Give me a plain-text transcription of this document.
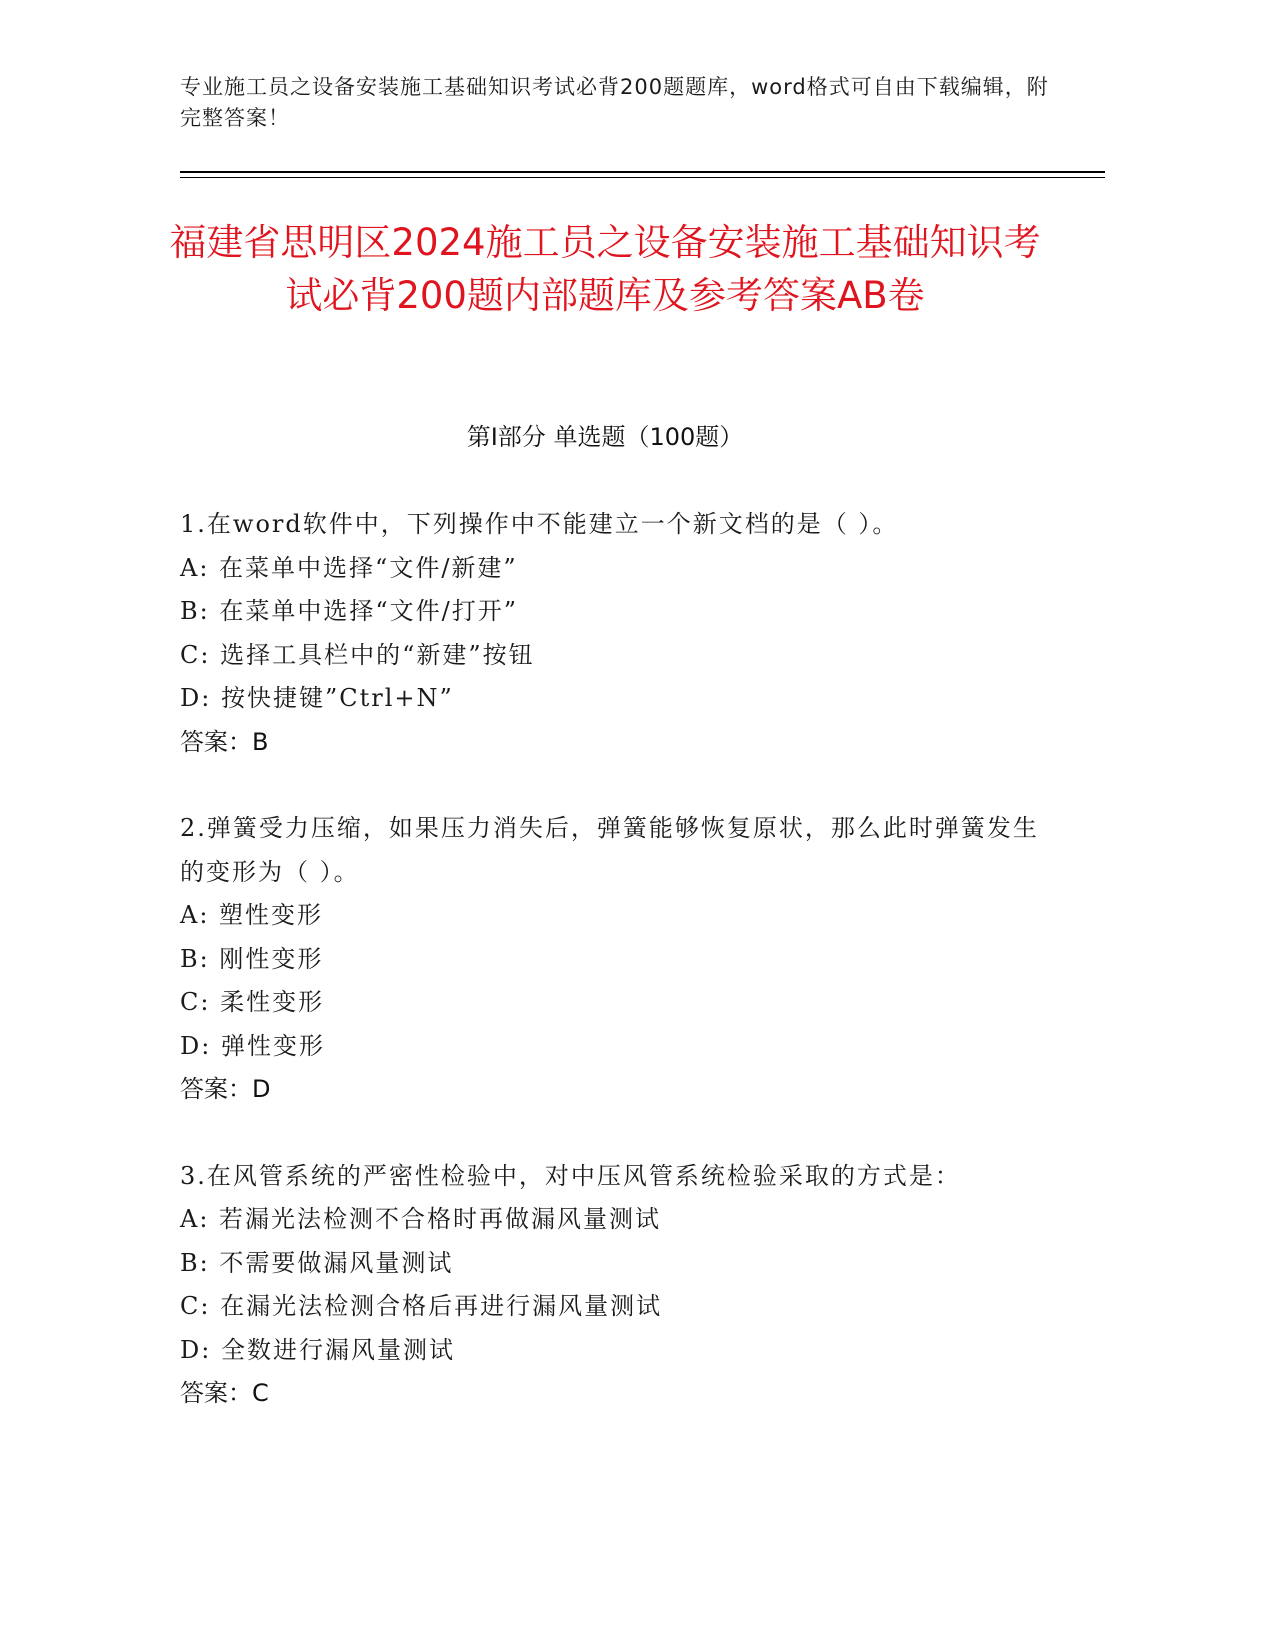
专业施工员之设备安装施工基础知识考试必背200题题库，word格式可自由下载编辑，附完整答案！
福建省思明区2024施工员之设备安装施工基础知识考试必背200题内部题库及参考答案AB卷
第I部分 单选题（100题）

1.在word软件中，下列操作中不能建立一个新文档的是（ ）。

A: 在菜单中选择“文件/新建”

B: 在菜单中选择“文件/打开”

C: 选择工具栏中的“新建”按钮

D: 按快捷键”Ctrl+N”

答案：B

2.弹簧受力压缩，如果压力消失后，弹簧能够恢复原状，那么此时弹簧发生的变形为（ ）。

A: 塑性变形

B: 刚性变形

C: 柔性变形

D: 弹性变形

答案：D

3.在风管系统的严密性检验中，对中压风管系统检验采取的方式是：

A: 若漏光法检测不合格时再做漏风量测试

B: 不需要做漏风量测试

C: 在漏光法检测合格后再进行漏风量测试

D: 全数进行漏风量测试

答案：C
